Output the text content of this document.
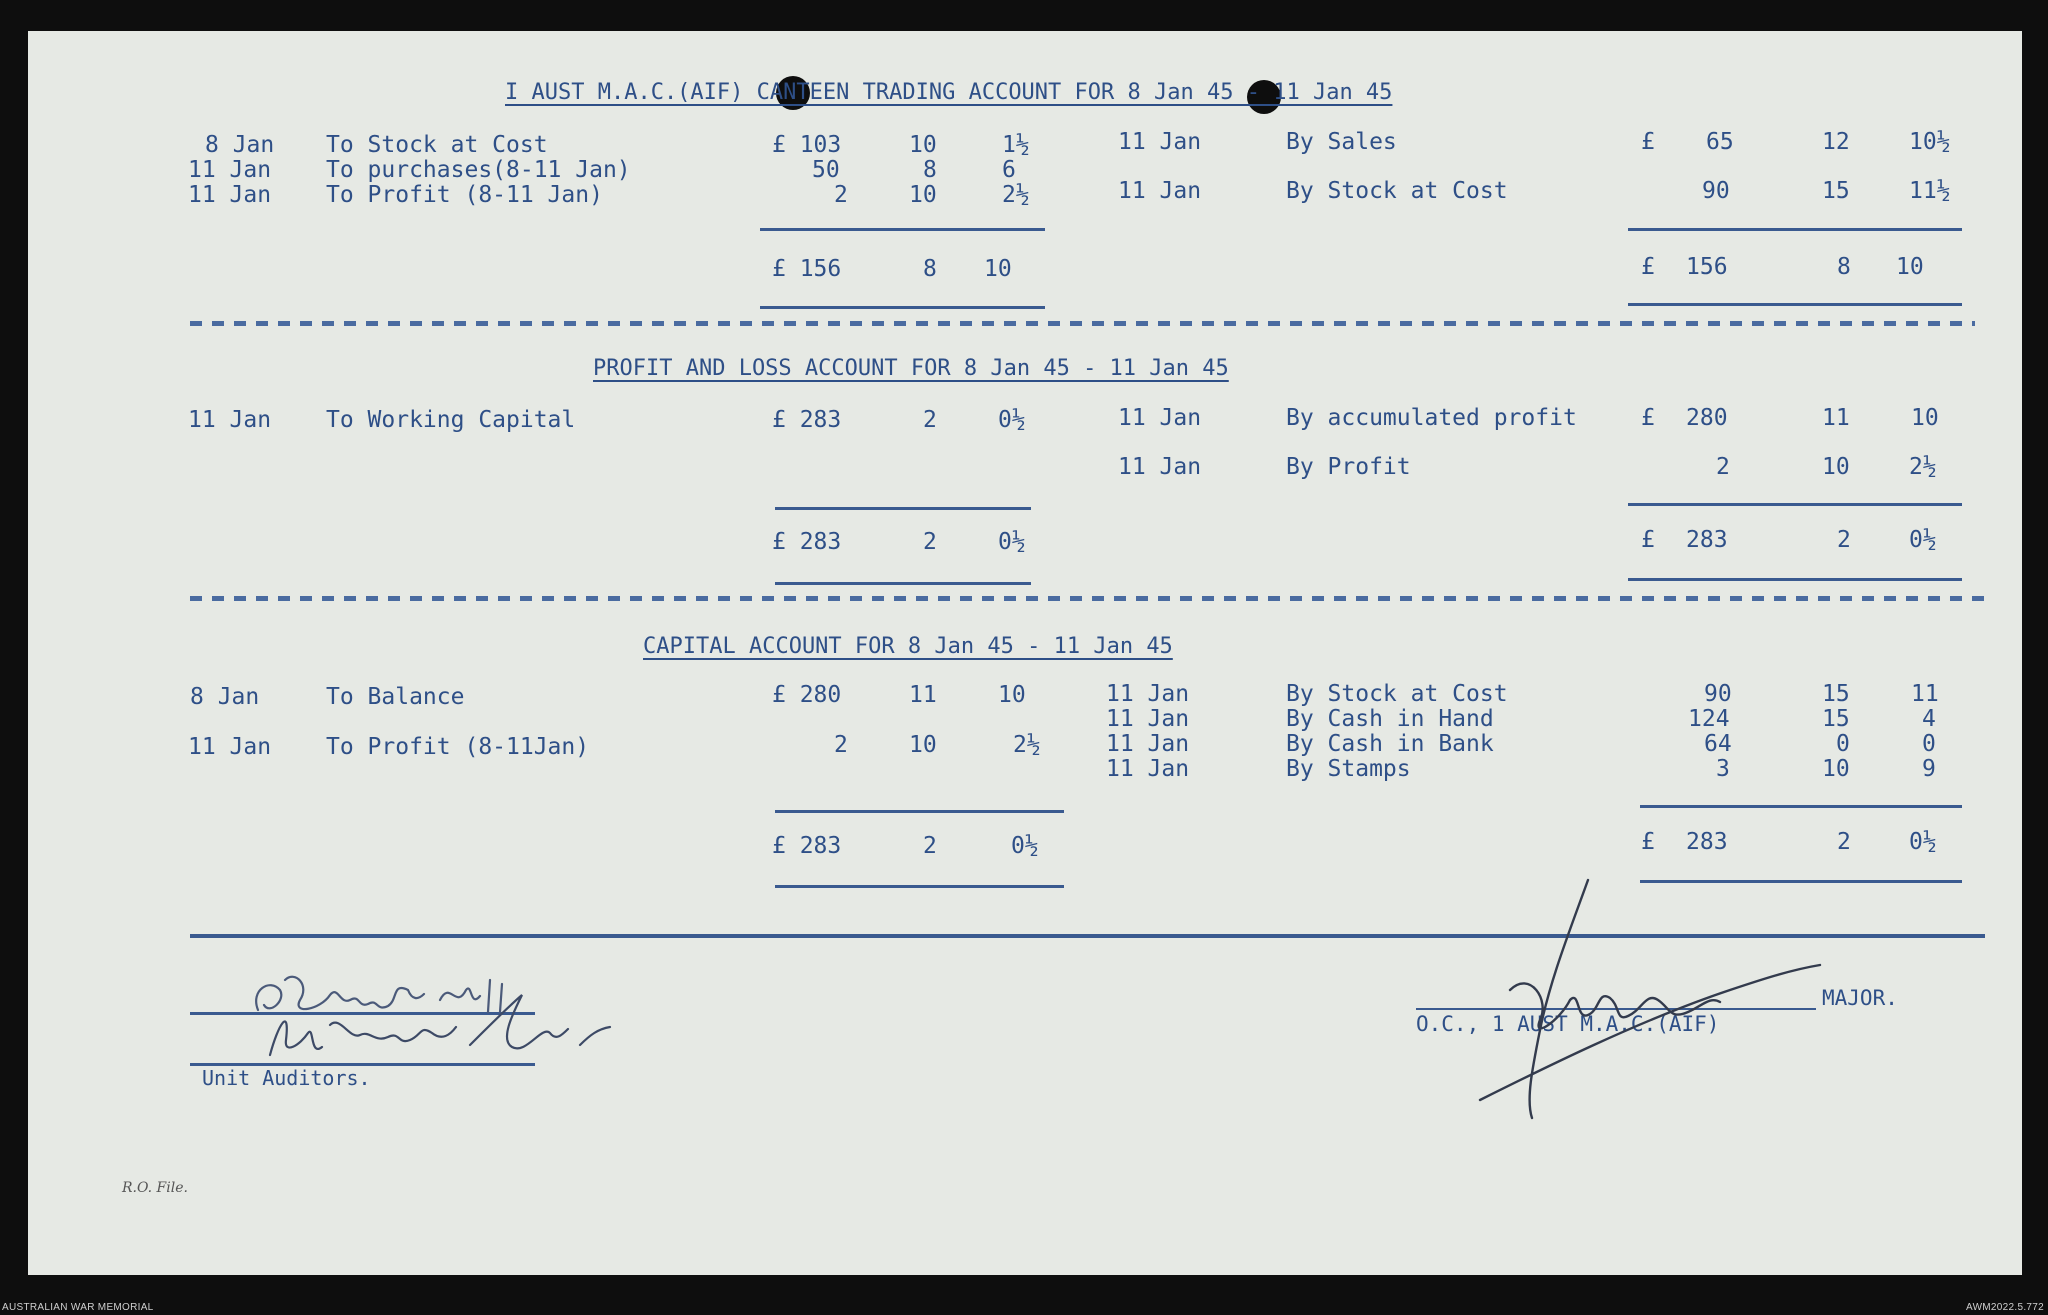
I AUST M.A.C.(AIF) CANTEEN TRADING ACCOUNT FOR 8 Jan 45 - 11 Jan 45
8 Jan To Stock at Cost	£ 103	10	1½
11 Jan To purchases(8-11 Jan)	50	8	6
11 Jan To Profit (8-11 Jan)	2	10	2½
£ 156	8 10
11 Jan	By Sales	£ 65	12	10½
11 Jan	By Stock at Cost	90	15	11½
£ 156	8 10
PROFIT AND LOSS ACCOUNT FOR 8 Jan 45 - 11 Jan 45
11 Jan To Working Capital	£ 283	2	0½
£ 283	2	0½
11 Jan	By accumulated profit	£ 280	11	10
11 Jan	By Profit	2	10	2½
£ 283	2	0½
CAPITAL ACCOUNT FOR 8 Jan 45 - 11 Jan 45
8 Jan	To Balance	£ 280	11	10
11 Jan To Profit (8-11Jan)	2	10	2½
£ 283	2	0½
11 Jan	By Stock at Cost	90	15	11
11 Jan	By Cash in Hand	124	15	4
11 Jan	By Cash in Bank	64	0	0
11 Jan	By Stamps	3	10	9
£ 283	2	0½
Unit Auditors.
O.C., 1 AUST M.A.C.(AIF)
MAJOR.
R.O. File.
AUSTRALIAN WAR MEMORIAL	AWM2022.5.772
